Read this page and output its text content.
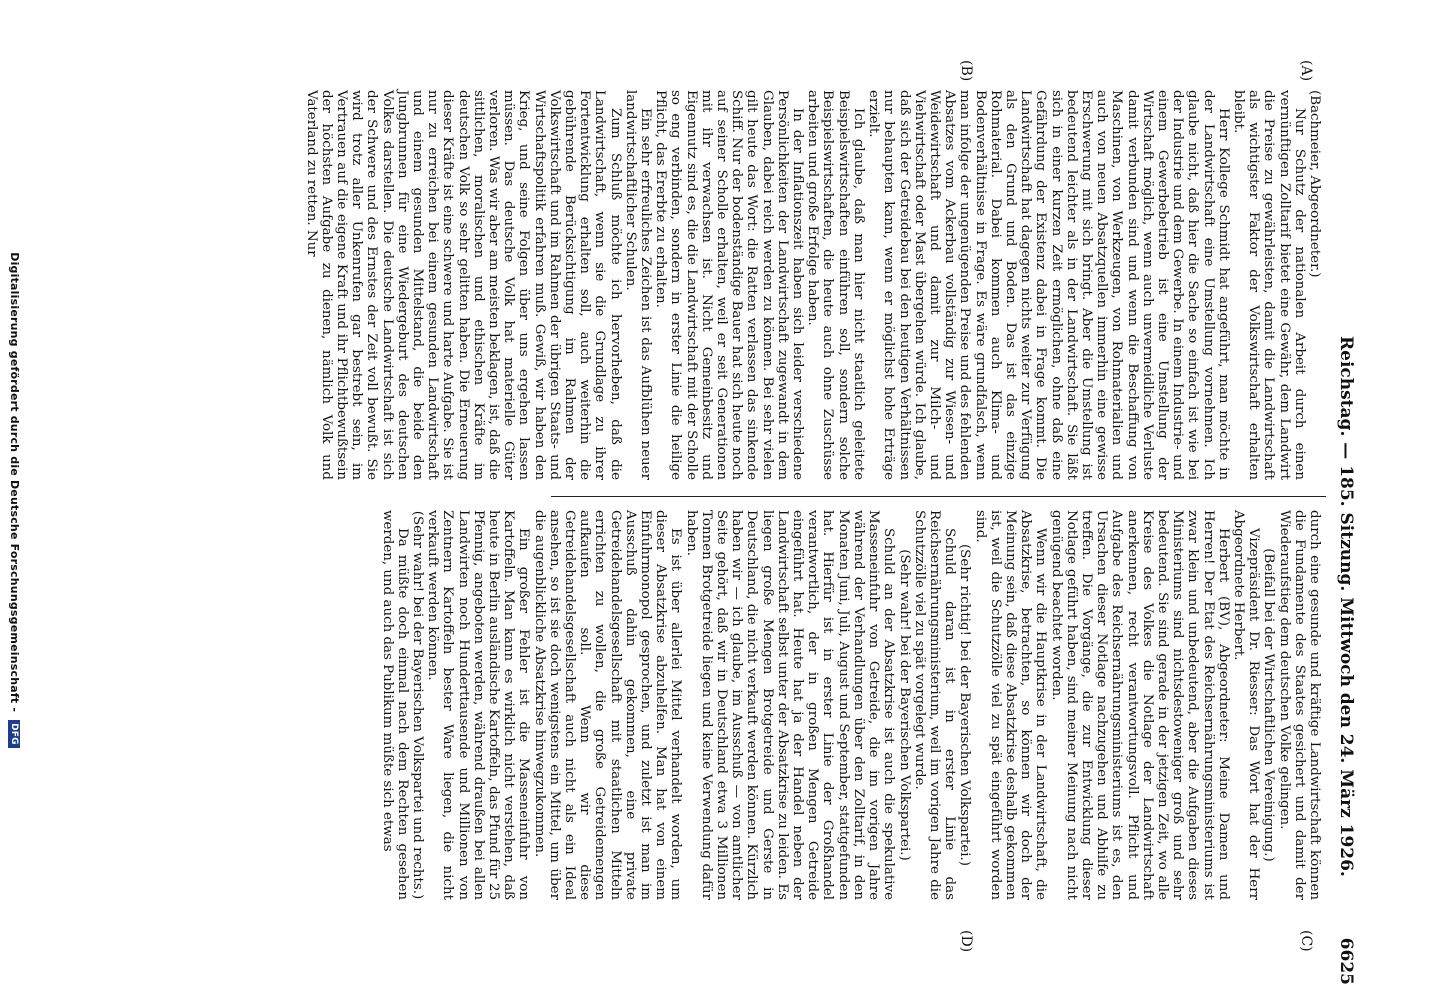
Reichstag. — 185. Sitzung. Mittwoch den 24. März 1926.
6625
(A)
(B)
(C)
(D)

(Bachmeier, Abgeordneter.)

Nur Schutz der nationalen Arbeit durch einen vernünftigen Zolltarif bietet eine Gewähr, dem Landwirt die Preise zu gewährleisten, damit die Landwirtschaft als wichtigster Faktor der Volkswirtschaft erhalten bleibt.

Herr Kollege Schmidt hat angeführt, man möchte in der Landwirtschaft eine Umstellung vornehmen. Ich glaube nicht, daß hier die Sache so einfach ist wie bei der Industrie und dem Gewerbe. In einem Industrie- und einem Gewerbebetrieb ist eine Umstellung der Wirtschaft möglich, wenn auch unvermeidliche Verluste damit verbunden sind und wenn die Beschaffung von Maschinen, von Werkzeugen, von Rohmaterialien und auch von neuen Absatzquellen immerhin eine gewisse Erschwerung mit sich bringt. Aber die Umstellung ist bedeutend leichter als in der Landwirtschaft. Sie läßt sich in einer kurzen Zeit ermöglichen, ohne daß eine Gefährdung der Existenz dabei in Frage kommt. Die Landwirtschaft hat dagegen nichts weiter zur Verfügung als den Grund und Boden. Das ist das einzige Rohmaterial. Dabei kommen auch Klima- und Bodenverhältnisse in Frage. Es wäre grundfalsch, wenn man infolge der ungenügenden Preise und des fehlenden Absatzes vom Ackerbau vollständig zur Wiesen- und Weidewirtschaft und damit zur Milch- und Viehwirtschaft oder Mast übergehen würde. Ich glaube, daß sich der Getreidebau bei den heutigen Verhältnissen nur behaupten kann, wenn er möglichst hohe Erträge erzielt.

Ich glaube, daß man hier nicht staatlich geleitete Beispielswirtschaften einführen soll, sondern solche Beispielswirtschaften, die heute auch ohne Zuschüsse arbeiten und große Erfolge haben.

In der Inflationszeit haben sich leider verschiedene Persönlichkeiten der Landwirtschaft zugewandt in dem Glauben, dabei reich werden zu können. Bei sehr vielen gilt heute das Wort: die Ratten verlassen das sinkende Schiff. Nur der bodenständige Bauer hat sich heute noch auf seiner Scholle erhalten, weil er seit Generationen mit ihr verwachsen ist. Nicht Gemeinbesitz und Eigennutz sind es, die die Landwirtschaft mit der Scholle so eng verbinden, sondern in erster Linie die heilige Pflicht, das Ererbte zu erhalten.

Ein sehr erfreuliches Zeichen ist das Aufblühen neuer landwirtschaftlicher Schulen.

Zum Schluß möchte ich hervorheben, daß die Landwirtschaft, wenn sie die Grundlage zu ihrer Fortentwicklung erhalten soll, auch weiterhin die gebührende Berücksichtigung im Rahmen der Volkswirtschaft und im Rahmen der übrigen Staats- und Wirtschaftspolitik erfahren muß. Gewiß, wir haben den Krieg, und seine Folgen über uns ergehen lassen müssen. Das deutsche Volk hat materielle Güter verloren. Was wir aber am meisten beklagen, ist, daß die sittlichen, moralischen und ethischen Kräfte im deutschen Volk so sehr gelitten haben. Die Erneuerung dieser Kräfte ist eine schwere und harte Aufgabe. Sie ist nur zu erreichen bei einem gesunden Landwirtschaft und einem gesunden Mittelstand, die beide den Jungbrunnen für eine Wiedergeburt des deutschen Volkes darstellen. Die deutsche Landwirtschaft ist sich der Schwere und des Ernstes der Zeit voll bewußt. Sie wird trotz aller Unkenrufen gar bestrebt sein, im Vertrauen auf die eigene Kraft und ihr Pflichtbewußtsein der höchsten Aufgabe zu dienen, nämlich Volk und Vaterland zu retten. Nur

durch eine gesunde und kräftige Landwirtschaft können die Fundamente des Staates gesichert und damit der Wiederaufstieg dem deutschen Volke gelingen.

(Beifall bei der Wirtschaftlichen Vereinigung.)

Vizepräsident Dr. Riesser: Das Wort hat der Herr Abgeordnete Herbert.

Herbert (BV), Abgeordneter: Meine Damen und Herren! Der Etat des Reichsernährungsministeriums ist zwar klein und unbedeutend, aber die Aufgaben dieses Ministeriums sind nichtsdestoweniger groß und sehr bedeutend. Sie sind gerade in der jetzigen Zeit, wo alle Kreise des Volkes die Notlage der Landwirtschaft anerkennen, recht verantwortungsvoll. Pflicht und Aufgabe des Reichsernährungsministeriums ist es, den Ursachen dieser Notlage nachzugehen und Abhilfe zu treffen. Die Vorgänge, die zur Entwicklung dieser Notlage geführt haben, sind meiner Meinung nach nicht genügend beachtet worden.

Wenn wir die Hauptkrise in der Landwirtschaft, die Absatzkrise, betrachten, so können wir doch der Meinung sein, daß diese Absatzkrise deshalb gekommen ist, weil die Schutzzölle viel zu spät eingeführt worden sind.

(Sehr richtig! bei der Bayerischen Volkspartei.)

Schuld daran ist in erster Linie das Reichsernährungsministerium, weil im vorigen Jahre die Schutzzölle viel zu spät vorgelegt wurde.

(Sehr wahr! bei der Bayerischen Volkspartei.)

Schuld an der Absatzkrise ist auch die spekulative Masseneinfuhr von Getreide, die im vorigen Jahre während der Verhandlungen über den Zolltarif, in den Monaten Juni, Juli, August und September, stattgefunden hat. Hierfür ist in erster Linie der Großhandel verantwortlich, der in großen Mengen Getreide eingeführt hat. Heute hat ja der Handel neben der Landwirtschaft selbst unter der Absatzkrise zu leiden. Es liegen große Mengen Brotgetreide und Gerste in Deutschland, die nicht verkauft werden können. Kürzlich haben wir — ich glaube, im Ausschuß — von amtlicher Seite gehört, daß wir in Deutschland etwa 3 Millionen Tonnen Brotgetreide liegen und keine Verwendung dafür haben.

Es ist über allerlei Mittel verhandelt worden, um dieser Absatzkrise abzuhelfen. Man hat von einem Einfuhrmonopol gesprochen, und zuletzt ist man im Ausschuß dahin gekommen, eine private Getreidehandelsgesellschaft mit staatlichen Mitteln errichten zu wollen, die große Getreidemengen aufkaufen soll. Wenn wir diese Getreidehandelsgesellschaft auch nicht als ein Ideal ansehen, so ist sie doch wenigstens ein Mittel, um über die augenblickliche Absatzkrise hinwegzukommen.

Ein großer Fehler ist die Masseneinfuhr von Kartoffeln. Man kann es wirklich nicht verstehen, daß heute in Berlin ausländische Kartoffeln, das Pfund für 25 Pfennig, angeboten werden, während draußen bei allen Landwirten noch Hunderttausende und Millionen von Zentnern Kartoffeln bester Ware liegen, die nicht verkauft werden können.

(Sehr wahr! bei der Bayerischen Volkspartei und rechts.)

Da müßte doch einmal nach dem Rechten gesehen werden, und auch das Publikum müßte sich etwas

Digitalisierung gefördert durch die Deutsche Forschungsgemeinschaft - DFG
